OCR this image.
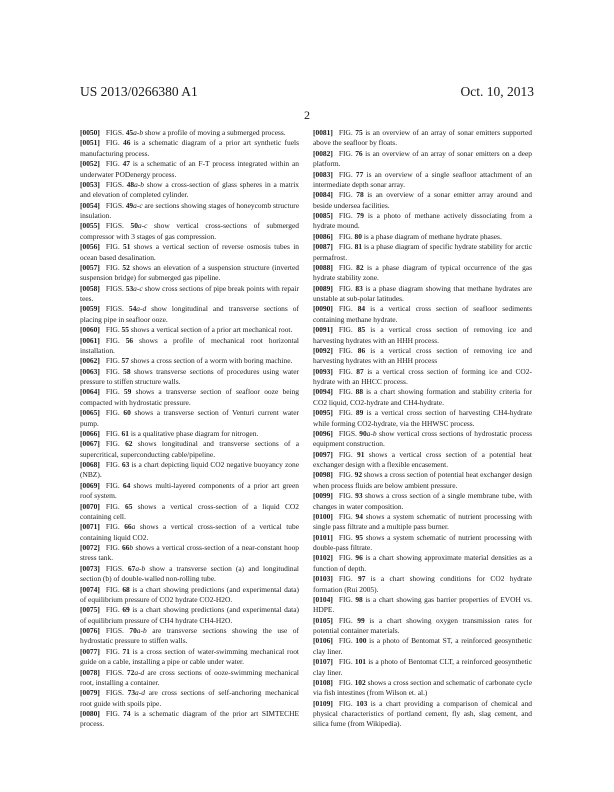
US 2013/0266380 A1	Oct. 10, 2013
2

[0050] FIGS. 45a-b show a profile of moving a submerged process.

[0051] FIG. 46 is a schematic diagram of a prior art synthetic fuels manufacturing process.

[0052] FIG. 47 is a schematic of an F-T process integrated within an underwater PODenergy process.

[0053] FIGS. 48a-b show a cross-section of glass spheres in a matrix and elevation of completed cylinder.

[0054] FIGS. 49a-c are sections showing stages of honeycomb structure insulation.

[0055] FIGS. 50a-c show vertical cross-sections of submerged compressor with 3 stages of gas compression.

[0056] FIG. 51 shows a vertical section of reverse osmosis tubes in ocean based desalination.

[0057] FIG. 52 shows an elevation of a suspension structure (inverted suspension bridge) for submerged gas pipeline.

[0058] FIGS. 53a-c show cross sections of pipe break points with repair tees.

[0059] FIGS. 54a-d show longitudinal and transverse sections of placing pipe in seafloor ooze.

[0060] FIG. 55 shows a vertical section of a prior art mechanical root.

[0061] FIG. 56 shows a profile of mechanical root horizontal installation.

[0062] FIG. 57 shows a cross section of a worm with boring machine.

[0063] FIG. 58 shows transverse sections of procedures using water pressure to stiffen structure walls.

[0064] FIG. 59 shows a transverse section of seafloor ooze being compacted with hydrostatic pressure.

[0065] FIG. 60 shows a transverse section of Venturi current water pump.

[0066] FIG. 61 is a qualitative phase diagram for nitrogen.

[0067] FIG. 62 shows longitudinal and transverse sections of a supercritical, superconducting cable/pipeline.

[0068] FIG. 63 is a chart depicting liquid CO2 negative buoyancy zone (NBZ).

[0069] FIG. 64 shows multi-layered components of a prior art green roof system.

[0070] FIG. 65 shows a vertical cross-section of a liquid CO2 containing cell.

[0071] FIG. 66a shows a vertical cross-section of a vertical tube containing liquid CO2.

[0072] FIG. 66b shows a vertical cross-section of a near-constant hoop stress tank.

[0073] FIGS. 67a-b show a transverse section (a) and longitudinal section (b) of double-walled non-rolling tube.

[0074] FIG. 68 is a chart showing predictions (and experimental data) of equilibrium pressure of CO2 hydrate CO2-H2O.

[0075] FIG. 69 is a chart showing predictions (and experimental data) of equilibrium pressure of CH4 hydrate CH4-H2O.

[0076] FIGS. 70a-b are transverse sections showing the use of hydrostatic pressure to stiffen walls.

[0077] FIG. 71 is a cross section of water-swimming mechanical root guide on a cable, installing a pipe or cable under water.

[0078] FIGS. 72a-d are cross sections of ooze-swimming mechanical root, installing a container.

[0079] FIGS. 73a-d are cross sections of self-anchoring mechanical root guide with spoils pipe.

[0080] FIG. 74 is a schematic diagram of the prior art SIMTECHE process.

[0081] FIG. 75 is an overview of an array of sonar emitters supported above the seafloor by floats.

[0082] FIG. 76 is an overview of an array of sonar emitters on a deep platform.

[0083] FIG. 77 is an overview of a single seafloor attachment of an intermediate depth sonar array.

[0084] FIG. 78 is an overview of a sonar emitter array around and beside undersea facilities.

[0085] FIG. 79 is a photo of methane actively dissociating from a hydrate mound.

[0086] FIG. 80 is a phase diagram of methane hydrate phases.

[0087] FIG. 81 is a phase diagram of specific hydrate stability for arctic permafrost.

[0088] FIG. 82 is a phase diagram of typical occurrence of the gas hydrate stability zone.

[0089] FIG. 83 is a phase diagram showing that methane hydrates are unstable at sub-polar latitudes.

[0090] FIG. 84 is a vertical cross section of seafloor sediments containing methane hydrate.

[0091] FIG. 85 is a vertical cross section of removing ice and harvesting hydrates with an HHH process.

[0092] FIG. 86 is a vertical cross section of removing ice and harvesting hydrates with an HHH process

[0093] FIG. 87 is a vertical cross section of forming ice and CO2-hydrate with an HHCC process.

[0094] FIG. 88 is a chart showing formation and stability criteria for CO2 liquid, CO2-hydrate and CH4-hydrate.

[0095] FIG. 89 is a vertical cross section of harvesting CH4-hydrate while forming CO2-hydrate, via the HHWSC process.

[0096] FIGS. 90a-b show vertical cross sections of hydrostatic process equipment construction.

[0097] FIG. 91 shows a vertical cross section of a potential heat exchanger design with a flexible encasement.

[0098] FIG. 92 shows a cross section of potential heat exchanger design when process fluids are below ambient pressure.

[0099] FIG. 93 shows a cross section of a single membrane tube, with changes in water composition.

[0100] FIG. 94 shows a system schematic of nutrient processing with single pass filtrate and a multiple pass burner.

[0101] FIG. 95 shows a system schematic of nutrient processing with double-pass filtrate.

[0102] FIG. 96 is a chart showing approximate material densities as a function of depth.

[0103] FIG. 97 is a chart showing conditions for CO2 hydrate formation (Rui 2005).

[0104] FIG. 98 is a chart showing gas barrier properties of EVOH vs. HDPE.

[0105] FIG. 99 is a chart showing oxygen transmission rates for potential container materials.

[0106] FIG. 100 is a photo of Bentomat ST, a reinforced geosynthetic clay liner.

[0107] FIG. 101 is a photo of Bentomat CLT, a reinforced geosynthetic clay liner.

[0108] FIG. 102 shows a cross section and schematic of carbonate cycle via fish intestines (from Wilson et. al.)

[0109] FIG. 103 is a chart providing a comparison of chemical and physical characteristics of portland cement, fly ash, slag cement, and silica fume (from Wikipedia).
